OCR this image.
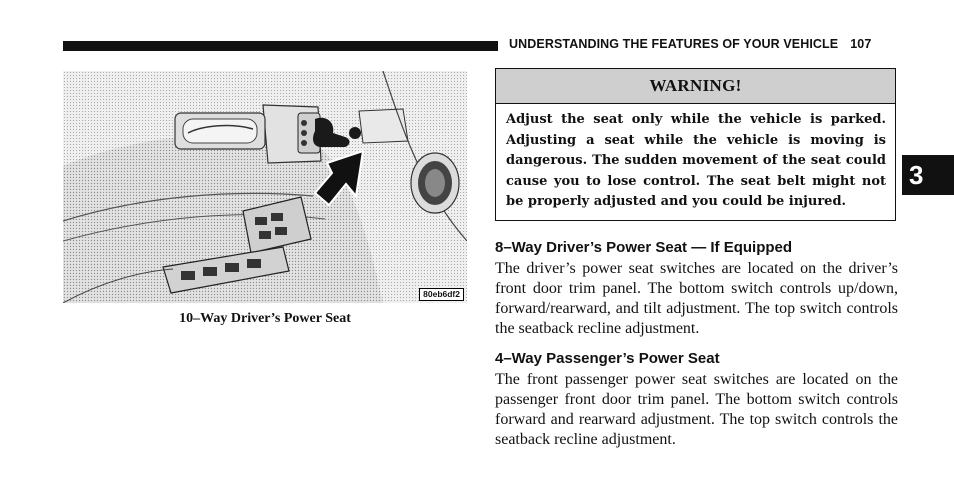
UNDERSTANDING THE FEATURES OF YOUR VEHICLE 107
80eb6df2
10–Way Driver’s Power Seat
WARNING!
Adjust the seat only while the vehicle is parked. Adjusting a seat while the vehicle is moving is dangerous. The sudden movement of the seat could cause you to lose control. The seat belt might not be properly adjusted and you could be injured.
3
8–Way Driver’s Power Seat — If Equipped
The driver’s power seat switches are located on the driver’s front door trim panel. The bottom switch controls up/down, forward/rearward, and tilt adjustment. The top switch controls the seatback recline adjustment.
4–Way Passenger’s Power Seat
The front passenger power seat switches are located on the passenger front door trim panel. The bottom switch controls forward and rearward adjustment. The top switch controls the seatback recline adjustment.
